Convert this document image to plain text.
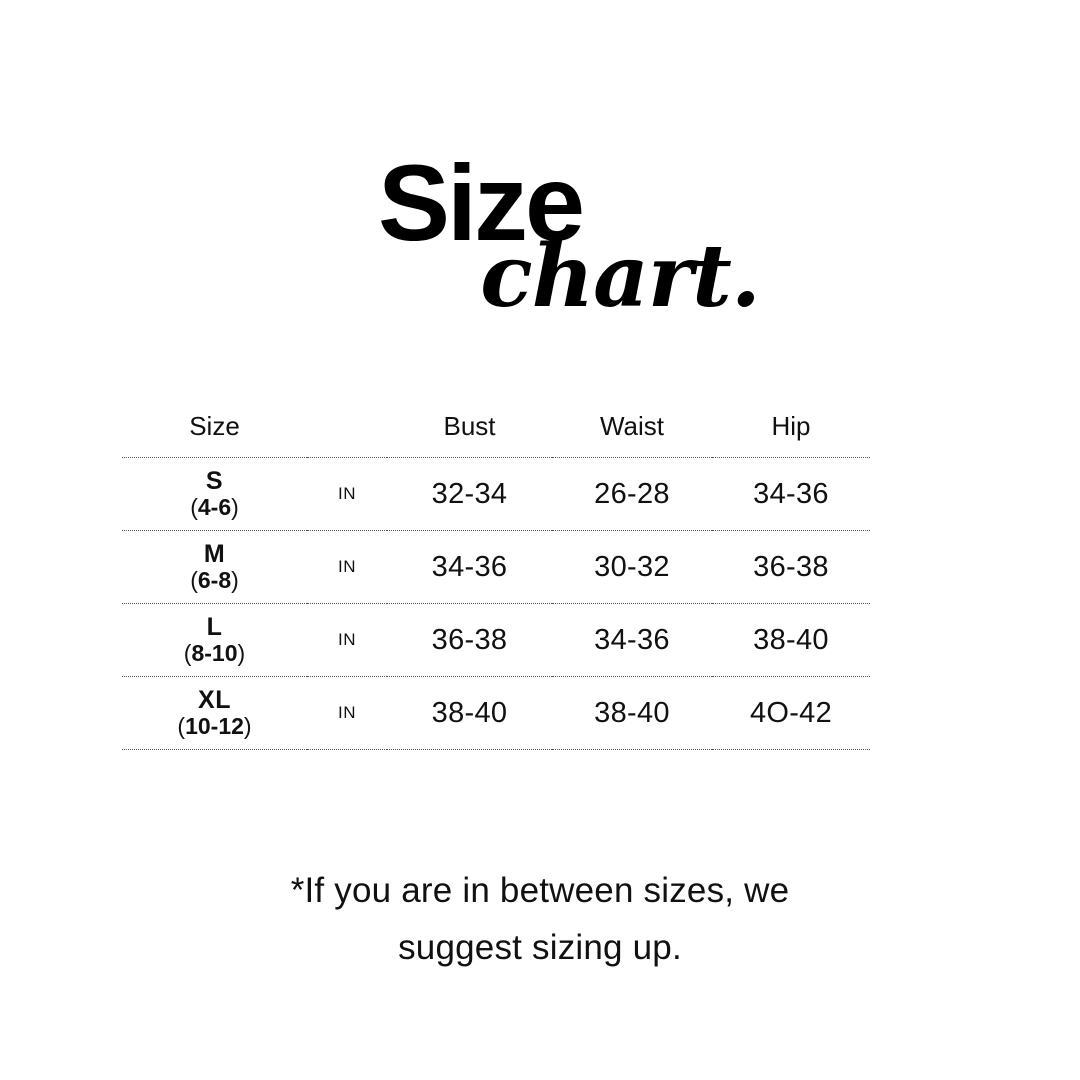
Size
chart.
Size		Bust	Waist	Hip

S
(4-6)	IN	32-34	26-28	34-36

M
(6-8)	IN	34-36	30-32	36-38

L
(8-10)	IN	36-38	34-36	38-40

XL
(10-12)	IN	38-40	38-40	4O-42
*If you are in between sizes, we
suggest sizing up.
